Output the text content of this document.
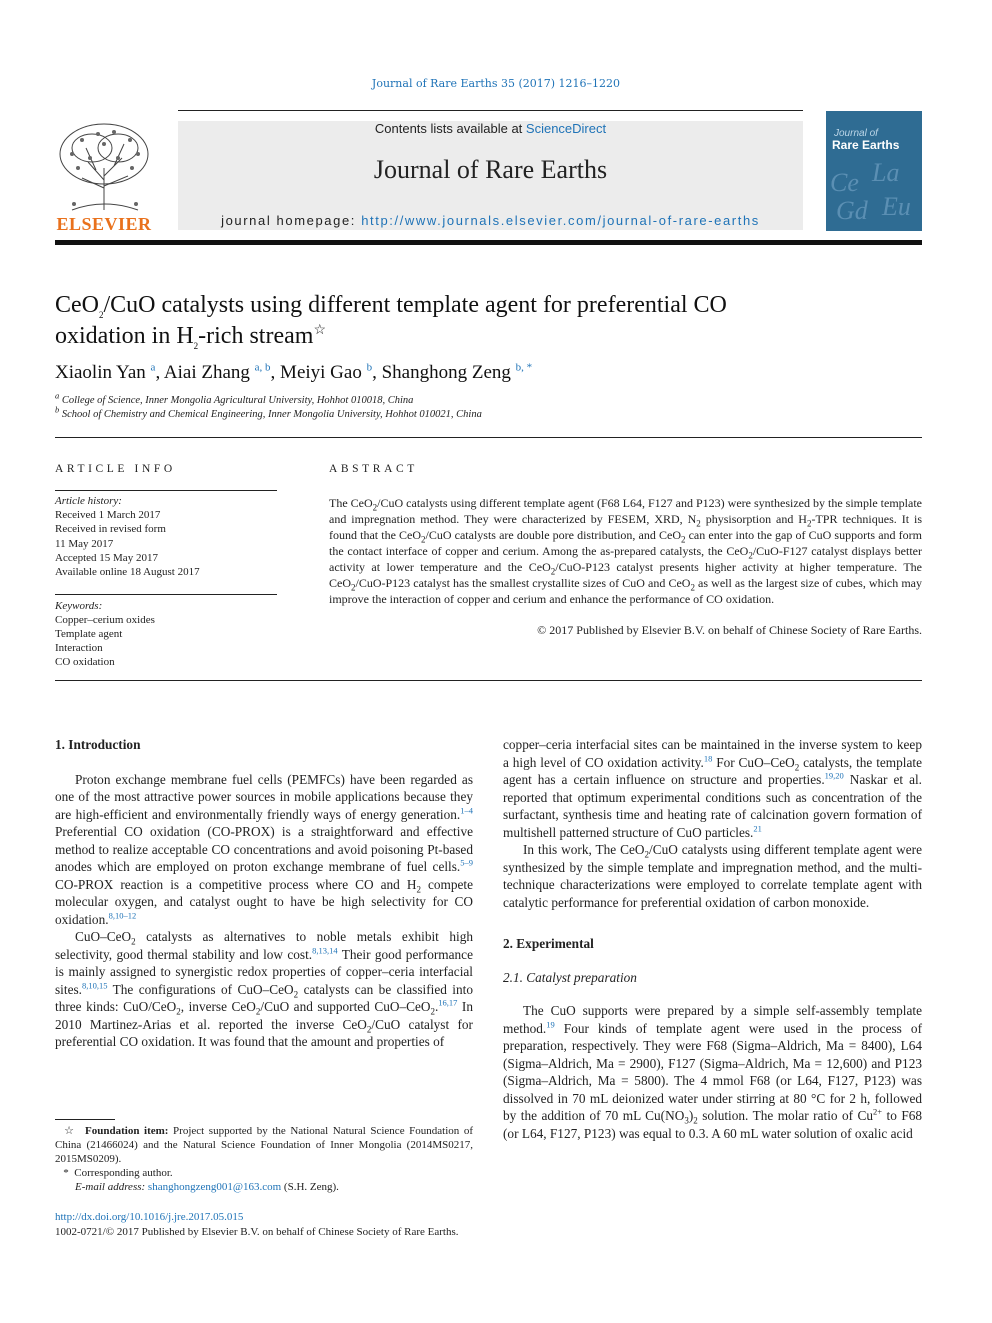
Journal of Rare Earths 35 (2017) 1216–1220
ELSEVIER
Contents lists available at ScienceDirect
Journal of Rare Earths
journal homepage: http://www.journals.elsevier.com/journal-of-rare-earths
Ce La
Gd Eu
Journal of
Rare Earths
CeO$_2$/CuO catalysts using different template agent for preferential CO
oxidation in $H_2$-rich stream☆
Xiaolin Yan $^a$, Aiai Zhang $^{a, b}$, Meiyi Gao $^b$, Shanghong Zeng $^{b, *}$
$^a$ College of Science, Inner Mongolia Agricultural University, Hohhot 010018, China
$^b$ School of Chemistry and Chemical Engineering, Inner Mongolia University, Hohhot 010021, China
ARTICLE INFO
Article history:
Received 1 March 2017
Received in revised form
11 May 2017
Accepted 15 May 2017
Available online 18 August 2017
Keywords:
Copper–cerium oxides
Template agent
Interaction
CO oxidation
ABSTRACT
The CeO$_2$/CuO catalysts using different template agent (F68 L64, F127 and P123) were synthesized by the simple template and impregnation method. They were characterized by FESEM, XRD, $N_2$ physisorption and $H_2$-TPR techniques. It is found that the CeO$_2$/CuO catalysts are double pore distribution, and CeO$_2$ can enter into the gap of CuO supports and form the contact interface of copper and cerium. Among the as-prepared catalysts, the CeO$_2$/CuO-F127 catalyst displays better activity at lower temperature and the CeO$_2$/CuO-P123 catalyst presents higher activity at higher temperature. The CeO$_2$/CuO-P123 catalyst has the smallest crystallite sizes of CuO and CeO$_2$ as well as the largest size of cubes, which may improve the interaction of copper and cerium and enhance the performance of CO oxidation.
© 2017 Published by Elsevier B.V. on behalf of Chinese Society of Rare Earths.
1. Introduction

Proton exchange membrane fuel cells (PEMFCs) have been regarded as one of the most attractive power sources in mobile applications because they are high-efficient and environmentally friendly ways of energy generation.$^{1-4}$ Preferential CO oxidation (CO-PROX) is a straightforward and effective method to realize acceptable CO concentrations and avoid poisoning Pt-based anodes which are employed on proton exchange membrane of fuel cells.$^{5-9}$ CO-PROX reaction is a competitive process where CO and $H_2$ compete molecular oxygen, and catalyst ought to have be high selectivity for CO oxidation.$^{8,10-12}$

CuO–CeO$_2$ catalysts as alternatives to noble metals exhibit high selectivity, good thermal stability and low cost.$^{8,13,14}$ Their good performance is mainly assigned to synergistic redox properties of copper–ceria interfacial sites.$^{8,10,15}$ The configurations of CuO–CeO$_2$ catalysts can be classified into three kinds: CuO/CeO$_2$, inverse CeO$_2$/CuO and supported CuO–CeO$_2$.$^{16,17}$ In 2010 Martinez-Arias et al. reported the inverse CeO$_2$/CuO catalyst for preferential CO oxidation. It was found that the amount and properties of

copper–ceria interfacial sites can be maintained in the inverse system to keep a high level of CO oxidation activity.$^{18}$ For CuO–CeO$_2$ catalysts, the template agent has a certain influence on structure and properties.$^{19,20}$ Naskar et al. reported that optimum experimental conditions such as concentration of the surfactant, synthesis time and heating rate of calcination govern formation of multishell patterned structure of CuO particles.$^{21}$

In this work, The CeO$_2$/CuO catalysts using different template agent were synthesized by the simple template and impregnation method, and the multi-technique characterizations were employed to correlate template agent with catalytic performance for preferential oxidation of carbon monoxide.

2. Experimental
2.1. Catalyst preparation

The CuO supports were prepared by a simple self-assembly template method.$^{19}$ Four kinds of template agent were used in the process of preparation, respectively. They were F68 (Sigma–Aldrich, Ma = 8400), L64 (Sigma–Aldrich, Ma = 2900), F127 (Sigma–Aldrich, Ma = 12,600) and P123 (Sigma–Aldrich, Ma = 5800). The 4 mmol F68 (or L64, F127, P123) was dissolved in 70 mL deionized water under stirring at 80 °C for 2 h, followed by the addition of 70 mL $Cu(NO_3)_2$ solution. The molar ratio of $Cu^{2+}$ to F68 (or L64, F127, P123) was equal to 0.3. A 60 mL water solution of oxalic acid

☆ Foundation item: Project supported by the National Natural Science Foundation of China (21466024) and the Natural Science Foundation of Inner Mongolia (2014MS0217, 2015MS0209).
* Corresponding author.
E-mail address: shanghongzeng001@163.com (S.H. Zeng).
http://dx.doi.org/10.1016/j.jre.2017.05.015
1002-0721/© 2017 Published by Elsevier B.V. on behalf of Chinese Society of Rare Earths.
